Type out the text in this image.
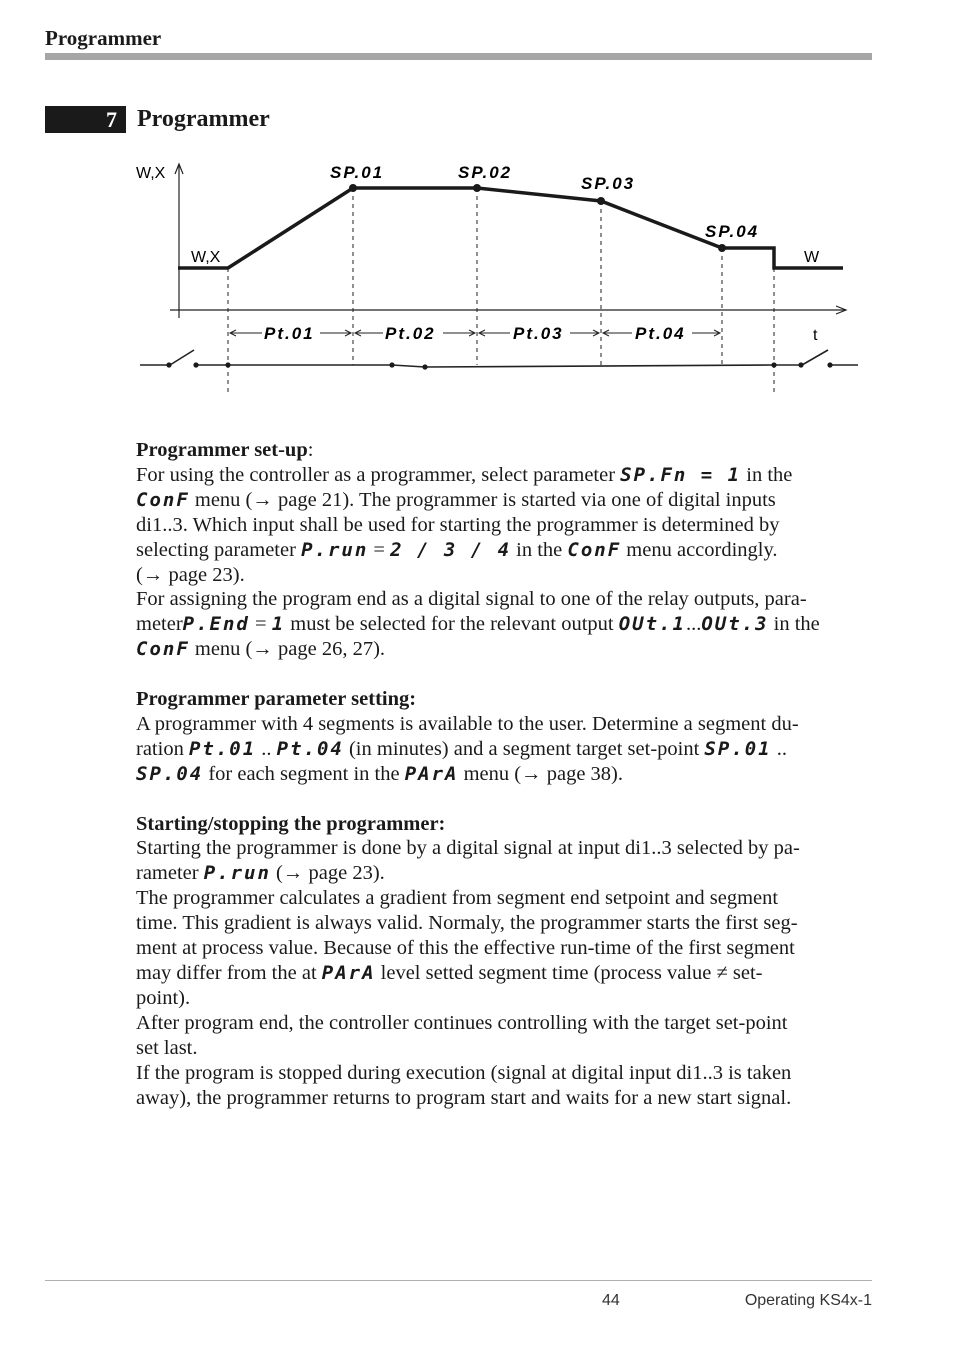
Programmer
7 Programmer
W,X
W,X	W
t
SP.01	SP.02
SP.03
SP.04
Pt.01	Pt.02	Pt.03	Pt.04

Programmer set-up:

For using the controller as a programmer, select parameter SP.Fn = 1 in the

ConF menu (→ page 21). The programmer is started via one of digital inputs

di1..3. Which input shall be used for starting the programmer is determined by

selecting parameter P.run = 2 / 3 / 4 in the ConF menu accordingly.

(→ page 23).

For assigning the program end as a digital signal to one of the relay outputs, para-

meterP.End = 1 must be selected for the relevant output OUt.1...OUt.3 in the

ConF menu (→ page 26, 27).

Programmer parameter setting:

A programmer with 4 segments is available to the user. Determine a segment du-

ration Pt.01 .. Pt.04 (in minutes) and a segment target set-point SP.01 ..

SP.04 for each segment in the PArA menu (→ page 38).

Starting/stopping the programmer:

Starting the programmer is done by a digital signal at input di1..3 selected by pa-

rameter P.run (→ page 23).

The programmer calculates a gradient from segment end setpoint and segment

time. This gradient is always valid. Normaly, the programmer starts the first seg-

ment at process value. Because of this the effective run-time of the first segment

may differ from the at PArA level setted segment time (process value ≠ set-

point).

After program end, the controller continues controlling with the target set-point

set last.

If the program is stopped during execution (signal at digital input di1..3 is taken

away), the programmer returns to program start and waits for a new start signal.

44	Operating KS4x-1
